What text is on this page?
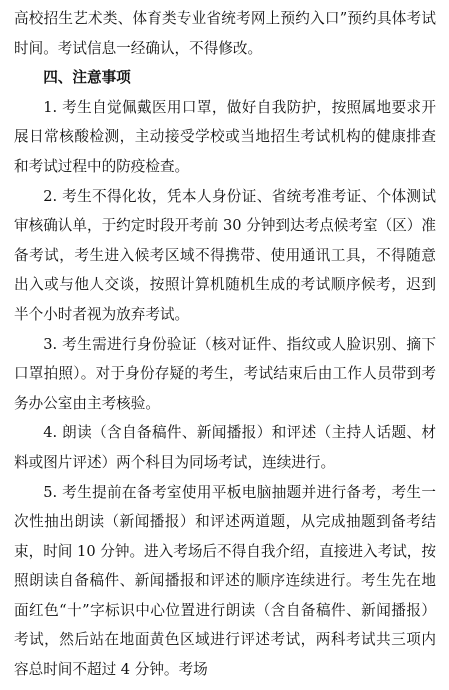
高校招生艺术类、体育类专业省统考网上预约入口”预约具体考试时间。考试信息一经确认，不得修改。

四、注意事项

1. 考生自觉佩戴医用口罩，做好自我防护，按照属地要求开展日常核酸检测，主动接受学校或当地招生考试机构的健康排查和考试过程中的防疫检查。

2. 考生不得化妆，凭本人身份证、省统考准考证、个体测试审核确认单，于约定时段开考前 30 分钟到达考点候考室（区）准备考试，考生进入候考区域不得携带、使用通讯工具，不得随意出入或与他人交谈，按照计算机随机生成的考试顺序候考，迟到半个小时者视为放弃考试。

3. 考生需进行身份验证（核对证件、指纹或人脸识别、摘下口罩拍照）。对于身份存疑的考生，考试结束后由工作人员带到考务办公室由主考核验。

4. 朗读（含自备稿件、新闻播报）和评述（主持人话题、材料或图片评述）两个科目为同场考试，连续进行。

5. 考生提前在备考室使用平板电脑抽题并进行备考，考生一次性抽出朗读（新闻播报）和评述两道题，从完成抽题到备考结束，时间 10 分钟。进入考场后不得自我介绍，直接进入考试，按照朗读自备稿件、新闻播报和评述的顺序连续进行。考生先在地面红色“十”字标识中心位置进行朗读（含自备稿件、新闻播报）考试，然后站在地面黄色区域进行评述考试，两科考试共三项内容总时间不超过 4 分钟。考场
